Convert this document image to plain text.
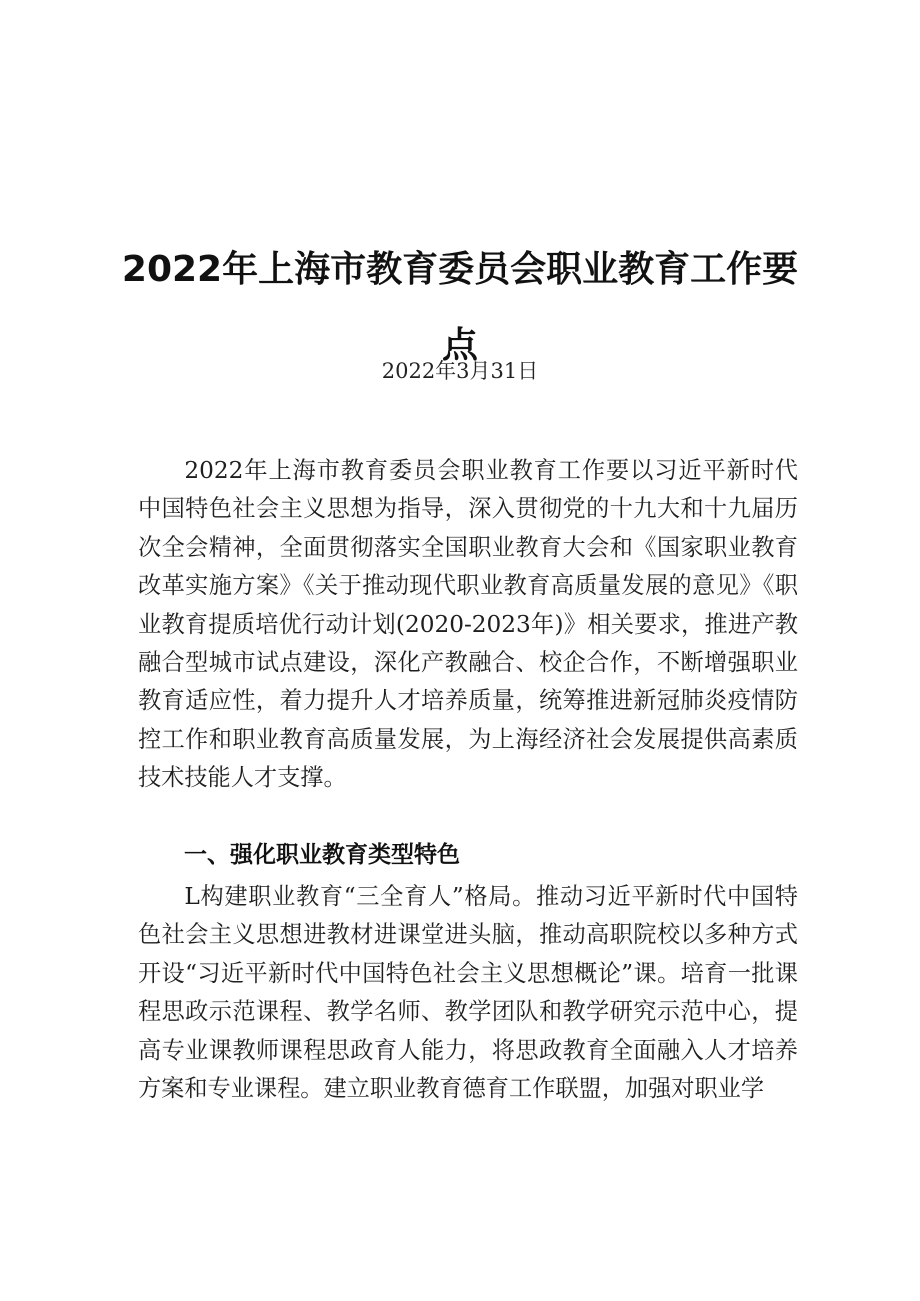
2022年上海市教育委员会职业教育工作要点
2022年3月31日

2022年上海市教育委员会职业教育工作要以习近平新时代中国特色社会主义思想为指导，深入贯彻党的十九大和十九届历次全会精神，全面贯彻落实全国职业教育大会和《国家职业教育改革实施方案》《关于推动现代职业教育高质量发展的意见》《职业教育提质培优行动计划(2020-2023年)》相关要求，推进产教融合型城市试点建设，深化产教融合、校企合作，不断增强职业教育适应性，着力提升人才培养质量，统筹推进新冠肺炎疫情防控工作和职业教育高质量发展，为上海经济社会发展提供高素质技术技能人才支撑。

一、强化职业教育类型特色

L构建职业教育“三全育人”格局。推动习近平新时代中国特色社会主义思想进教材进课堂进头脑，推动高职院校以多种方式开设“习近平新时代中国特色社会主义思想概论”课。培育一批课程思政示范课程、教学名师、教学团队和教学研究示范中心，提高专业课教师课程思政育人能力，将思政教育全面融入人才培养方案和专业课程。建立职业教育德育工作联盟，加强对职业学
